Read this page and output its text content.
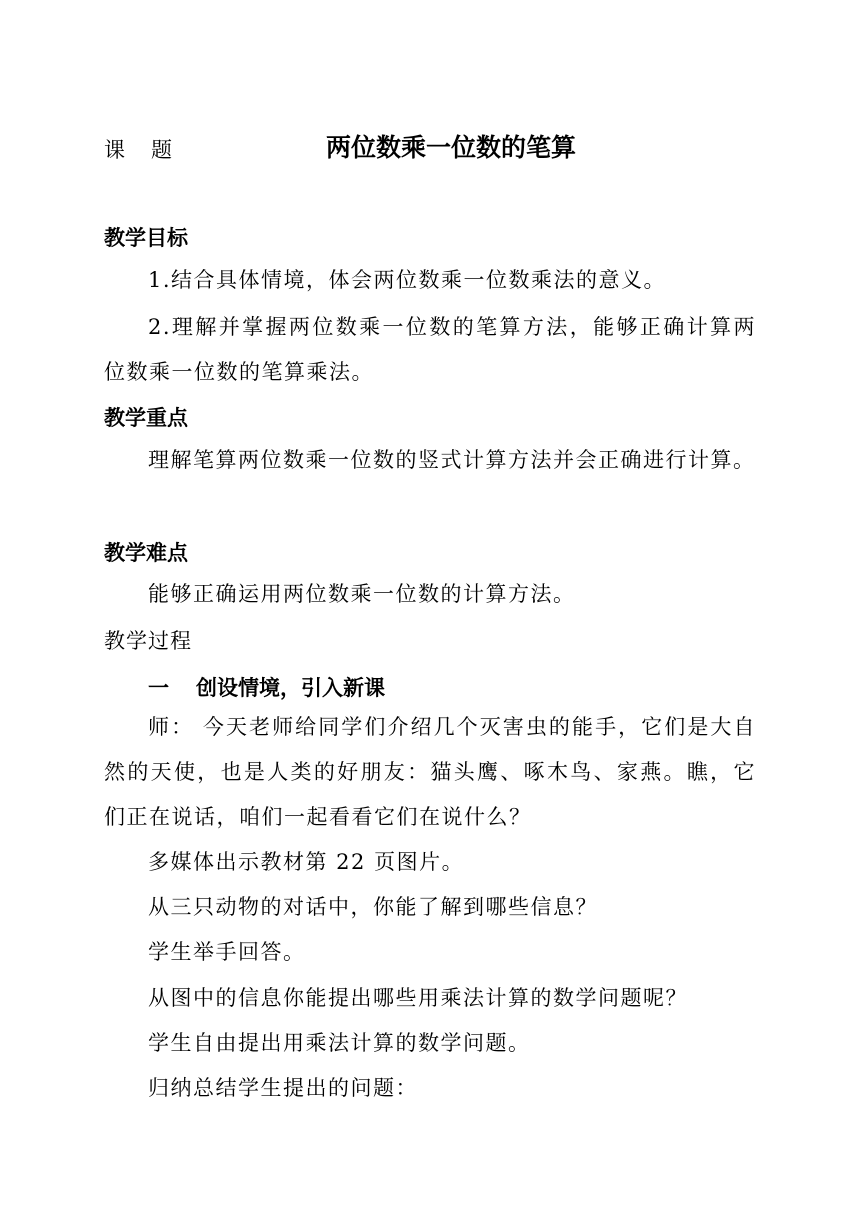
课题	两位数乘一位数的笔算
教学目标
1.结合具体情境，体会两位数乘一位数乘法的意义。
2.理解并掌握两位数乘一位数的笔算方法，能够正确计算两位数乘一位数的笔算乘法。
教学重点
理解笔算两位数乘一位数的竖式计算方法并会正确进行计算。
教学难点
能够正确运用两位数乘一位数的计算方法。
教学过程
一 创设情境，引入新课
师： 今天老师给同学们介绍几个灭害虫的能手，它们是大自然的天使，也是人类的好朋友：猫头鹰、啄木鸟、家燕。瞧，它们正在说话，咱们一起看看它们在说什么？
多媒体出示教材第 22 页图片。
从三只动物的对话中，你能了解到哪些信息？
学生举手回答。
从图中的信息你能提出哪些用乘法计算的数学问题呢？
学生自由提出用乘法计算的数学问题。
归纳总结学生提出的问题：
